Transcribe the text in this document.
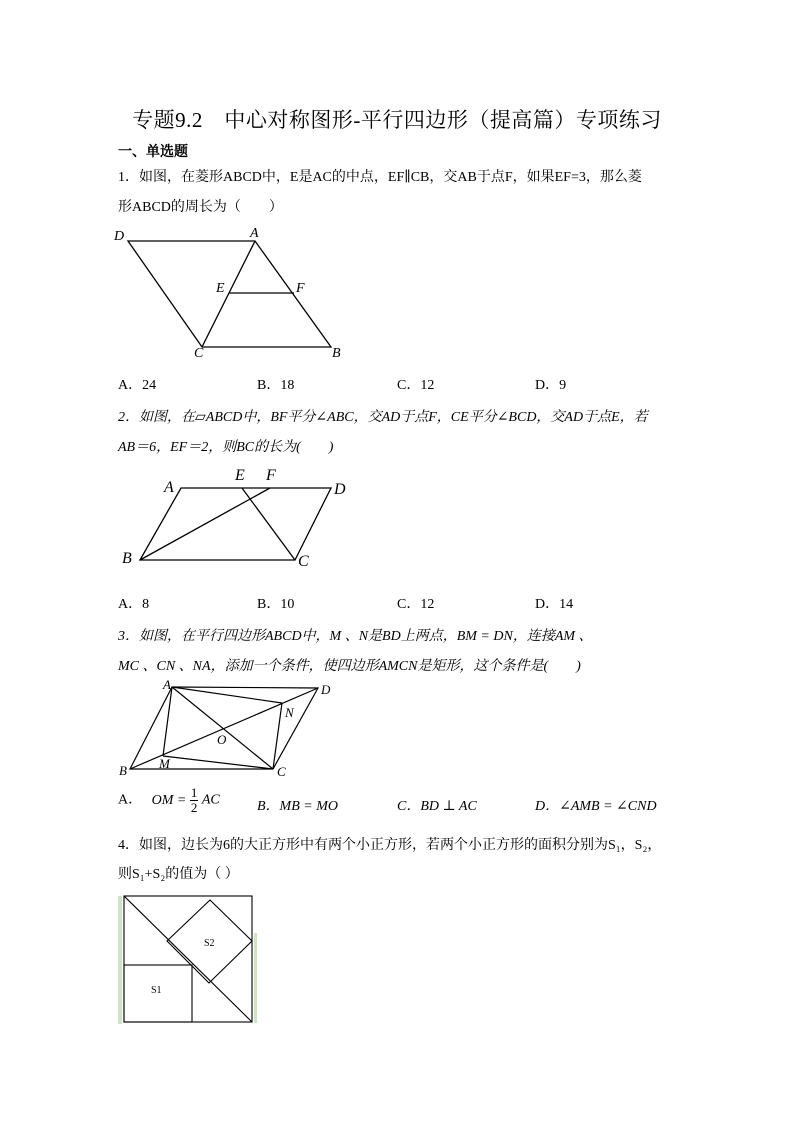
专题9.2　中心对称图形-平行四边形（提高篇）专项练习
一、单选题
1．如图，在菱形ABCD中，E是AC的中点，EF∥CB，交AB于点F，如果EF=3，那么菱
形ABCD的周长为（　　）
D	A
E	F
C	B
A．24	B．18	C．12	D．9
2．如图，在▱ABCD中，BF平分∠ABC，交AD于点F，CE平分∠BCD，交AD于点E，若
AB＝6，EF＝2，则BC的长为(　　)
A
E F
D
B	C
A．8	B．10	C．12	D．14
3．如图，在平行四边形ABCD中，M 、N是BD上两点，BM = DN，连接AM 、
MC 、CN 、NA，添加一个条件，使四边形AMCN是矩形，这个条件是(　　)
A	D
N
O
M
B	C
A． OM = $\frac{1}{2}$ AC	B．MB = MO	C．BD ⊥ AC	D．∠AMB = ∠CND
4．如图，边长为6的大正方形中有两个小正方形，若两个小正方形的面积分别为S₁，S₂，
则S₁+S₂的值为（ ）
S2
S1
